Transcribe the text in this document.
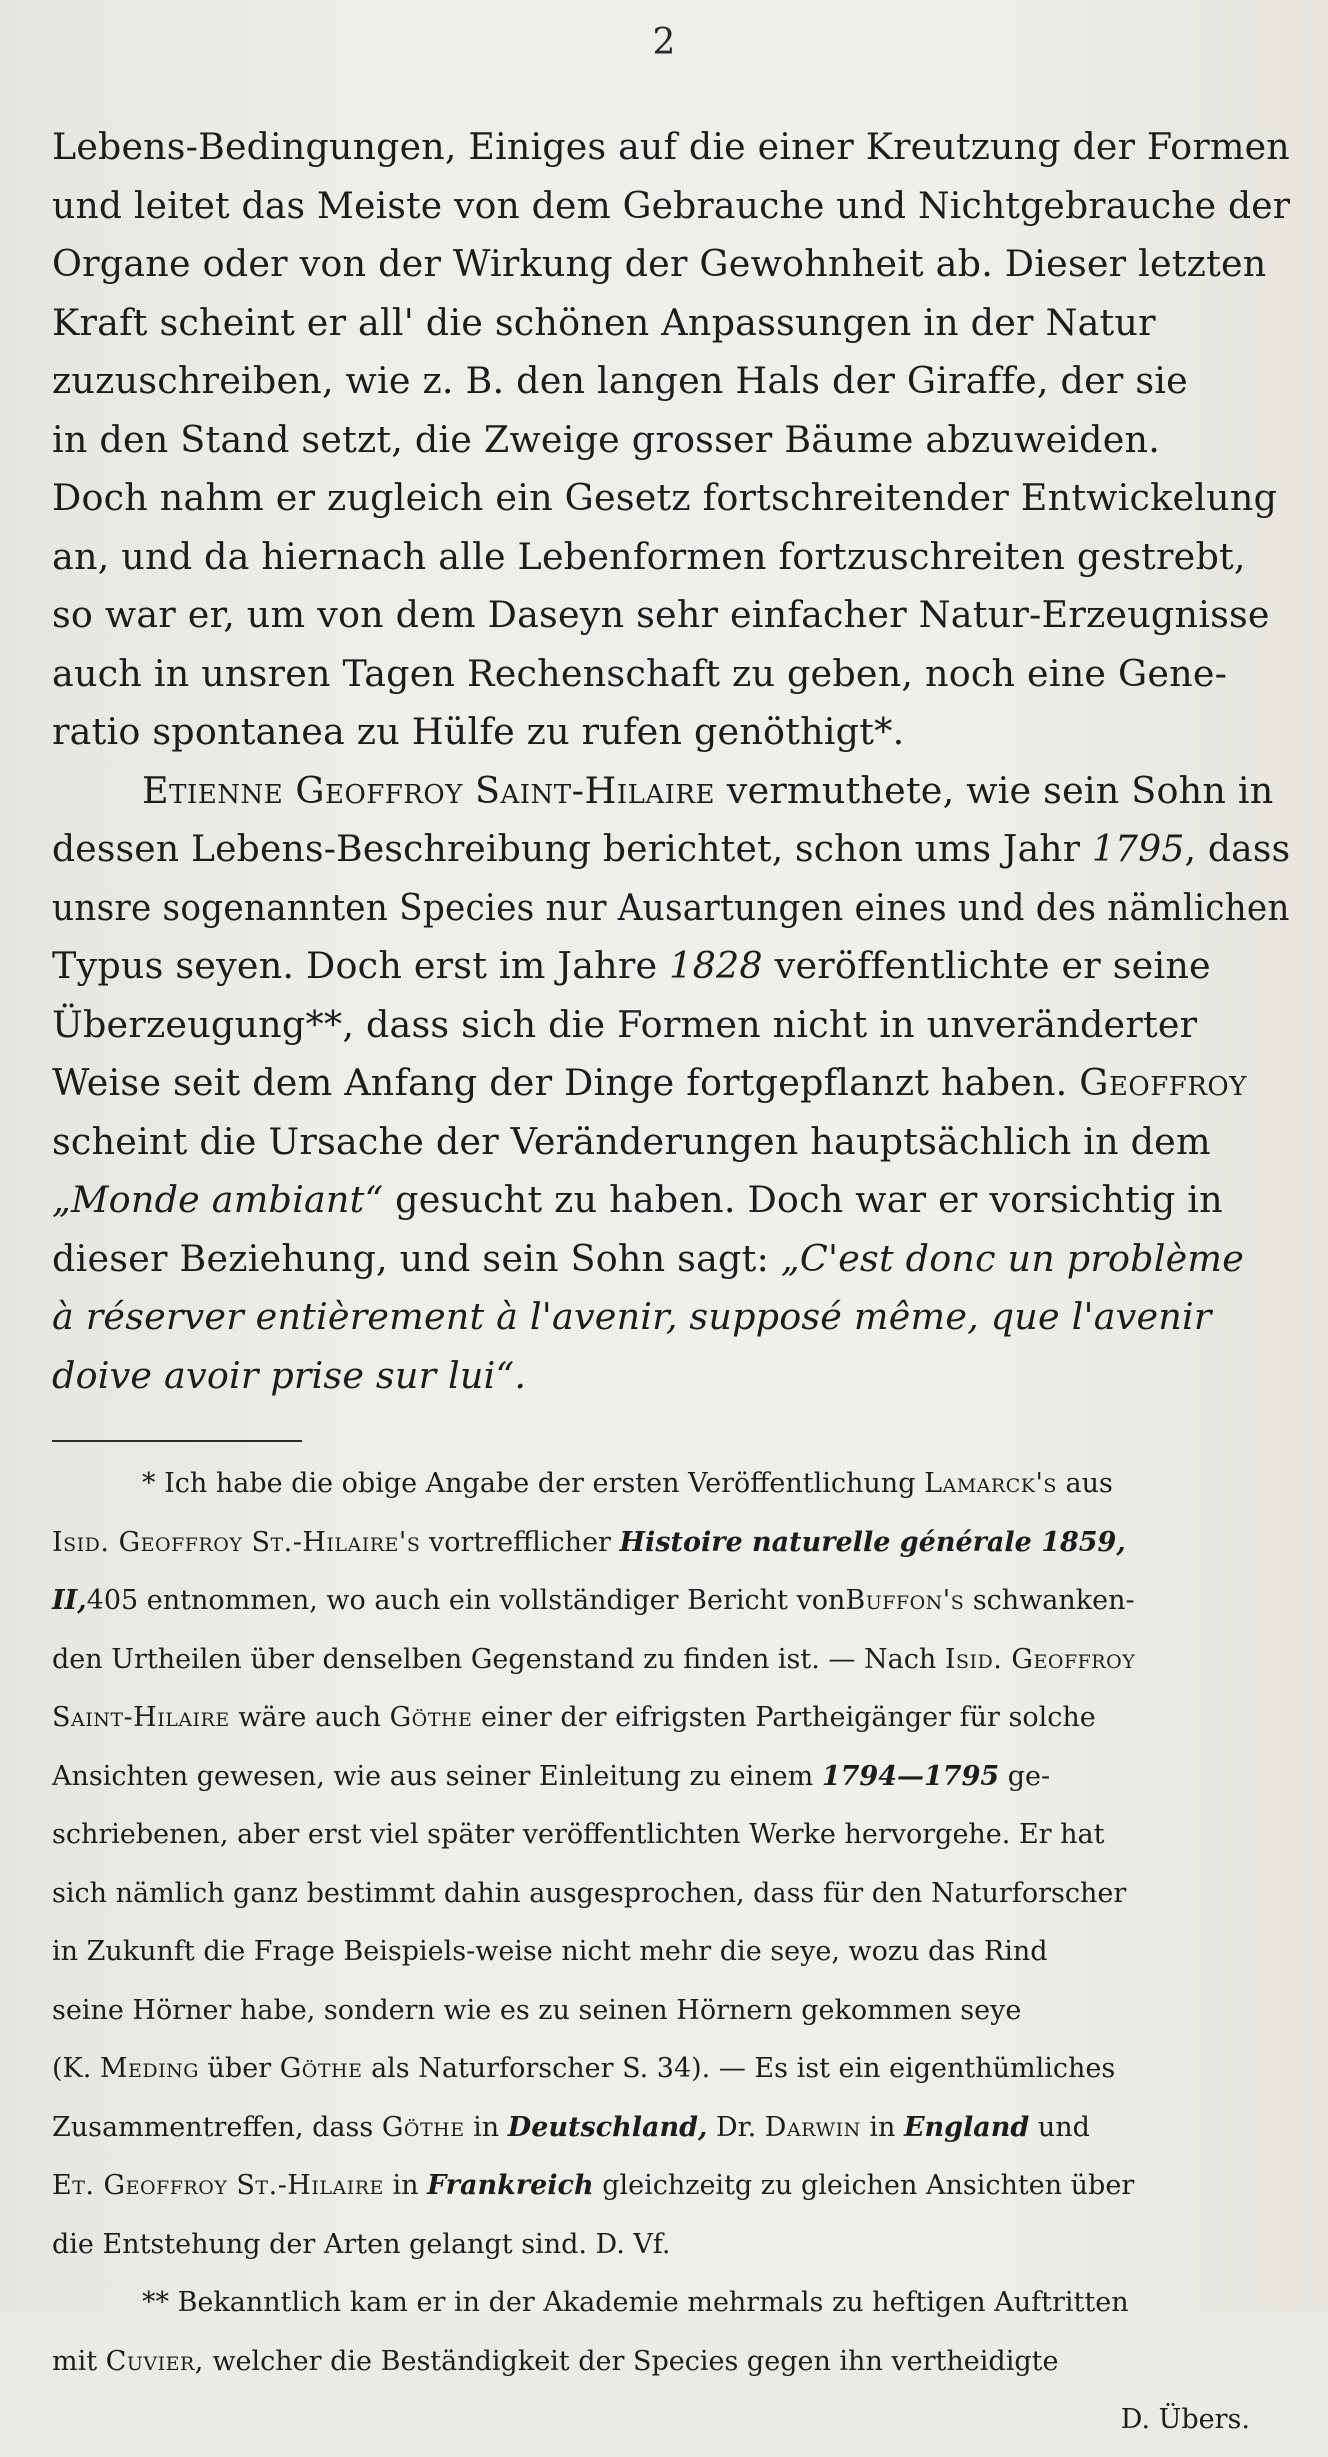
2
Lebens-Bedingungen, Einiges auf die einer Kreutzung der Formen
und leitet das Meiste von dem Gebrauche und Nichtgebrauche der
Organe oder von der Wirkung der Gewohnheit ab. Dieser letzten
Kraft scheint er all' die schönen Anpassungen in der Natur
zuzuschreiben, wie z. B. den langen Hals der Giraffe, der sie
in den Stand setzt, die Zweige grosser Bäume abzuweiden.
Doch nahm er zugleich ein Gesetz fortschreitender Entwickelung
an, und da hiernach alle Lebenformen fortzuschreiten gestrebt,
so war er, um von dem Daseyn sehr einfacher Natur-Erzeugnisse
auch in unsren Tagen Rechenschaft zu geben, noch eine Gene-
ratio spontanea zu Hülfe zu rufen genöthigt*.
Etienne Geoffroy Saint-Hilaire vermuthete, wie sein Sohn in
dessen Lebens-Beschreibung berichtet, schon ums Jahr 1795, dass
unsre sogenannten Species nur Ausartungen eines und des nämlichen
Typus seyen. Doch erst im Jahre 1828 veröffentlichte er seine
Überzeugung**, dass sich die Formen nicht in unveränderter
Weise seit dem Anfang der Dinge fortgepflanzt haben. Geoffroy
scheint die Ursache der Veränderungen hauptsächlich in dem
„Monde ambiant“ gesucht zu haben. Doch war er vorsichtig in
dieser Beziehung, und sein Sohn sagt: „C'est donc un problème
à réserver entièrement à l'avenir, supposé même, que l'avenir
doive avoir prise sur lui“.
* Ich habe die obige Angabe der ersten Veröffentlichung Lamarck's aus
Isid. Geoffroy St.-Hilaire's vortrefflicher Histoire naturelle générale 1859,
II,405 entnommen, wo auch ein vollständiger Bericht vonBuffon's schwanken-
den Urtheilen über denselben Gegenstand zu finden ist. — Nach Isid. Geoffroy
Saint-Hilaire wäre auch Göthe einer der eifrigsten Partheigänger für solche
Ansichten gewesen, wie aus seiner Einleitung zu einem 1794—1795 ge-
schriebenen, aber erst viel später veröffentlichten Werke hervorgehe. Er hat
sich nämlich ganz bestimmt dahin ausgesprochen, dass für den Naturforscher
in Zukunft die Frage Beispiels-weise nicht mehr die seye, wozu das Rind
seine Hörner habe, sondern wie es zu seinen Hörnern gekommen seye
(K. Meding über Göthe als Naturforscher S. 34). — Es ist ein eigenthümliches
Zusammentreffen, dass Göthe in Deutschland, Dr. Darwin in England und
Et. Geoffroy St.-Hilaire in Frankreich gleichzeitg zu gleichen Ansichten über
die Entstehung der Arten gelangt sind. D. Vf.
** Bekanntlich kam er in der Akademie mehrmals zu heftigen Auftritten
mit Cuvier, welcher die Beständigkeit der Species gegen ihn vertheidigte
D. Übers.
